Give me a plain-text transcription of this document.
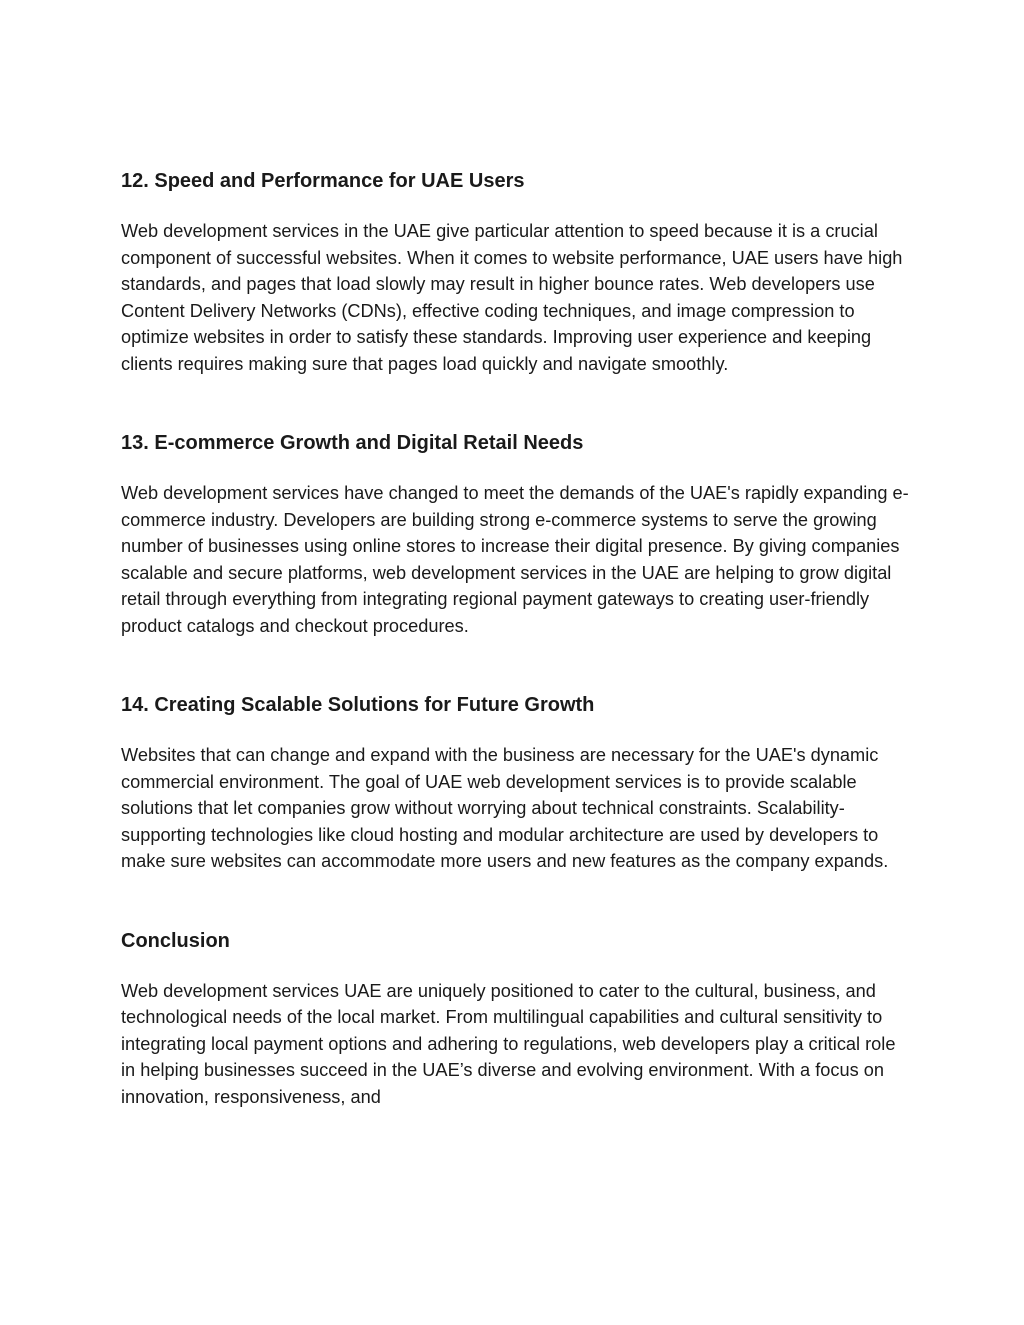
12. Speed and Performance for UAE Users

Web development services in the UAE give particular attention to speed because it is a crucial component of successful websites. When it comes to website performance, UAE users have high standards, and pages that load slowly may result in higher bounce rates. Web developers use Content Delivery Networks (CDNs), effective coding techniques, and image compression to optimize websites in order to satisfy these standards. Improving user experience and keeping clients requires making sure that pages load quickly and navigate smoothly.

13. E-commerce Growth and Digital Retail Needs

Web development services have changed to meet the demands of the UAE's rapidly expanding e-commerce industry. Developers are building strong e-commerce systems to serve the growing number of businesses using online stores to increase their digital presence. By giving companies scalable and secure platforms, web development services in the UAE are helping to grow digital retail through everything from integrating regional payment gateways to creating user-friendly product catalogs and checkout procedures.

14. Creating Scalable Solutions for Future Growth

Websites that can change and expand with the business are necessary for the UAE's dynamic commercial environment. The goal of UAE web development services is to provide scalable solutions that let companies grow without worrying about technical constraints. Scalability-supporting technologies like cloud hosting and modular architecture are used by developers to make sure websites can accommodate more users and new features as the company expands.

Conclusion

Web development services UAE are uniquely positioned to cater to the cultural, business, and technological needs of the local market. From multilingual capabilities and cultural sensitivity to integrating local payment options and adhering to regulations, web developers play a critical role in helping businesses succeed in the UAE’s diverse and evolving environment. With a focus on innovation, responsiveness, and
